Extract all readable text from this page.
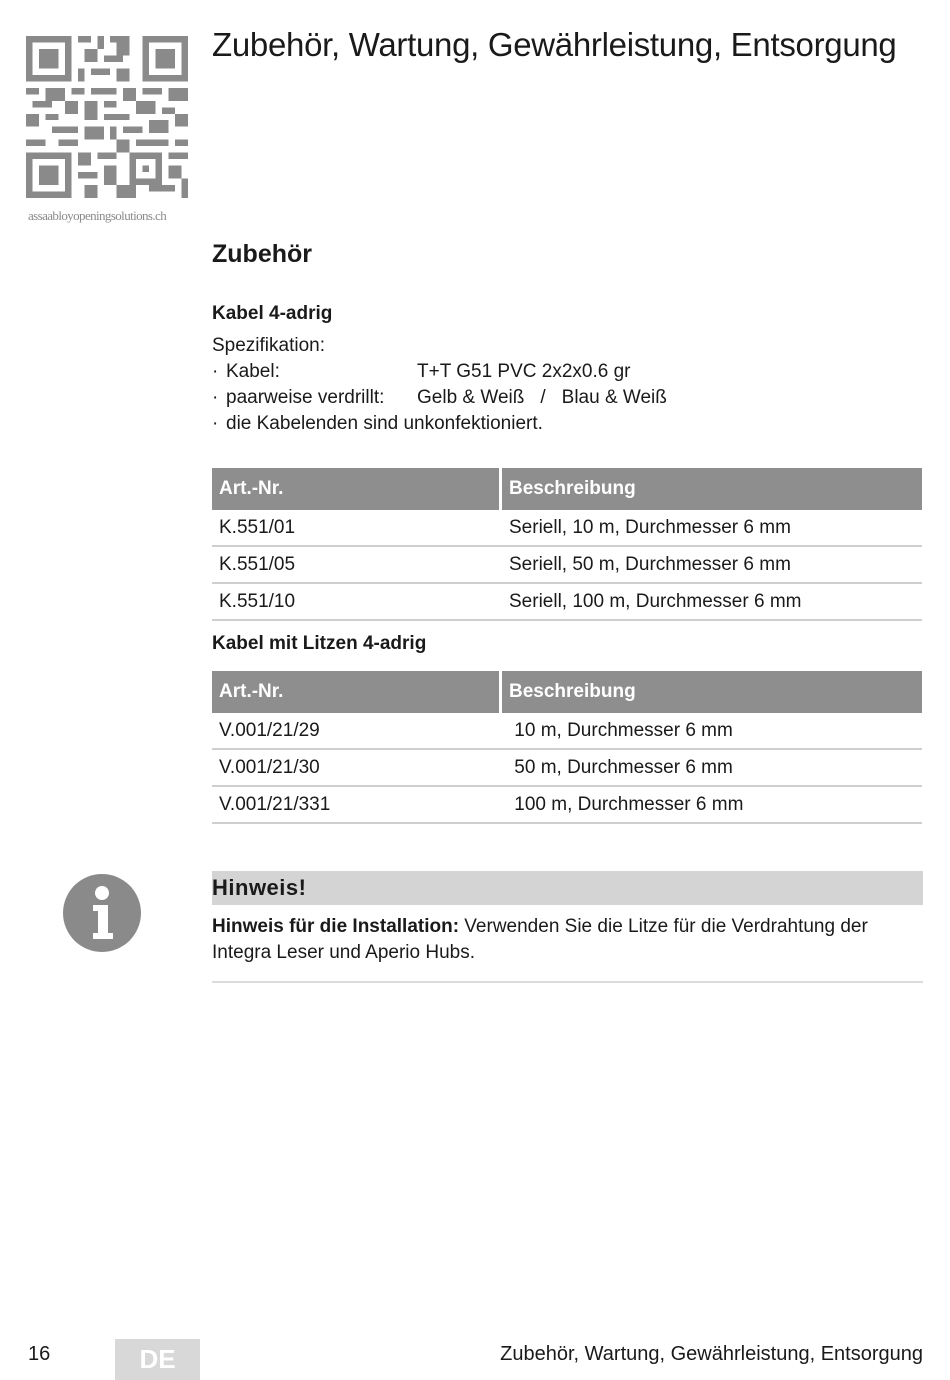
assaabloyopeningsolutions.ch
Zubehör, Wartung, Gewährleistung, Entsorgung
Zubehör
Kabel 4-adrig
Spezifikation:
· Kabel:	T+T G51 PVC 2x2x0.6 gr
· paarweise verdrillt:	Gelb & Weiß / Blau & Weiß
· die Kabelenden sind unkonfektioniert.
Art.-Nr.	Beschreibung
K.551/01	Seriell, 10 m, Durchmesser 6 mm
K.551/05	Seriell, 50 m, Durchmesser 6 mm
K.551/10	Seriell, 100 m, Durchmesser 6 mm
Kabel mit Litzen 4-adrig
Art.-Nr.	Beschreibung
V.001/21/29	10 m, Durchmesser 6 mm
V.001/21/30	50 m, Durchmesser 6 mm
V.001/21/331	100 m, Durchmesser 6 mm
Hinweis!
Hinweis für die Installation: Verwenden Sie die Litze für die Verdrahtung der Integra Leser und Aperio Hubs.
16	DE	Zubehör, Wartung, Gewährleistung, Entsorgung
